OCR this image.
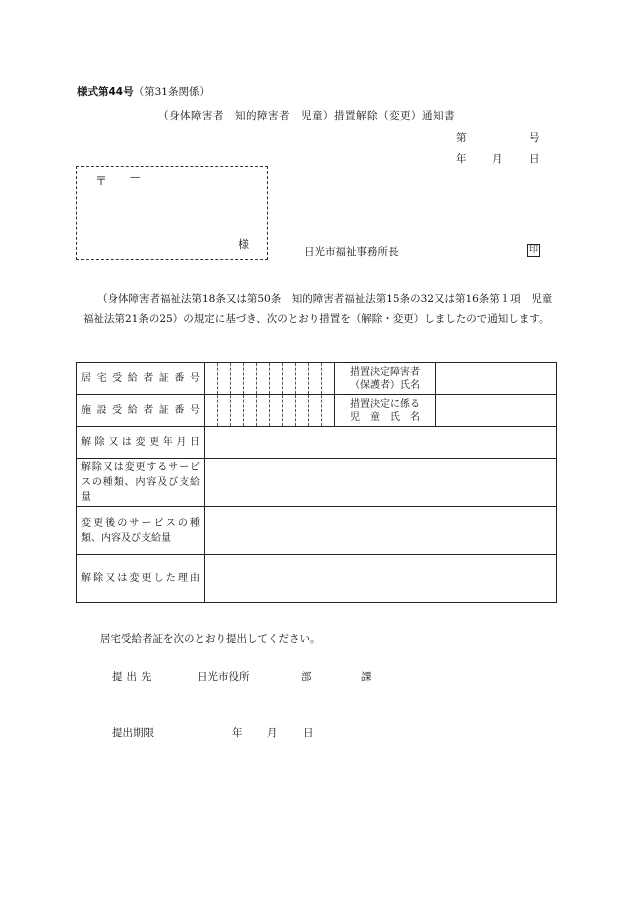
様式第44号（第31条関係）
（身体障害者　知的障害者　児童）措置解除（変更）通知書
第	号
年 月	日
〒 —
様
日光市福祉事務所長	印
（身体障害者福祉法第18条又は第50条　知的障害者福祉法第15条の32又は第16条第１項　児童福祉法第21条の25）の規定に基づき、次のとおり措置を（解除・変更）しましたので通知します。
居宅受給者証番号		措置決定障害者
（保護者）氏名	

施設受給者証番号		措置決定に係る
児　童　氏　名	

解除又は変更年月日			
解除又は変更するサービスの種類、内容及び支給量			
変更後のサービスの種類、内容及び支給量			
解除又は変更した理由			
居宅受給者証を次のとおり提出してください。
提出先	日光市役所	部	課
提出期限	年 月 日
